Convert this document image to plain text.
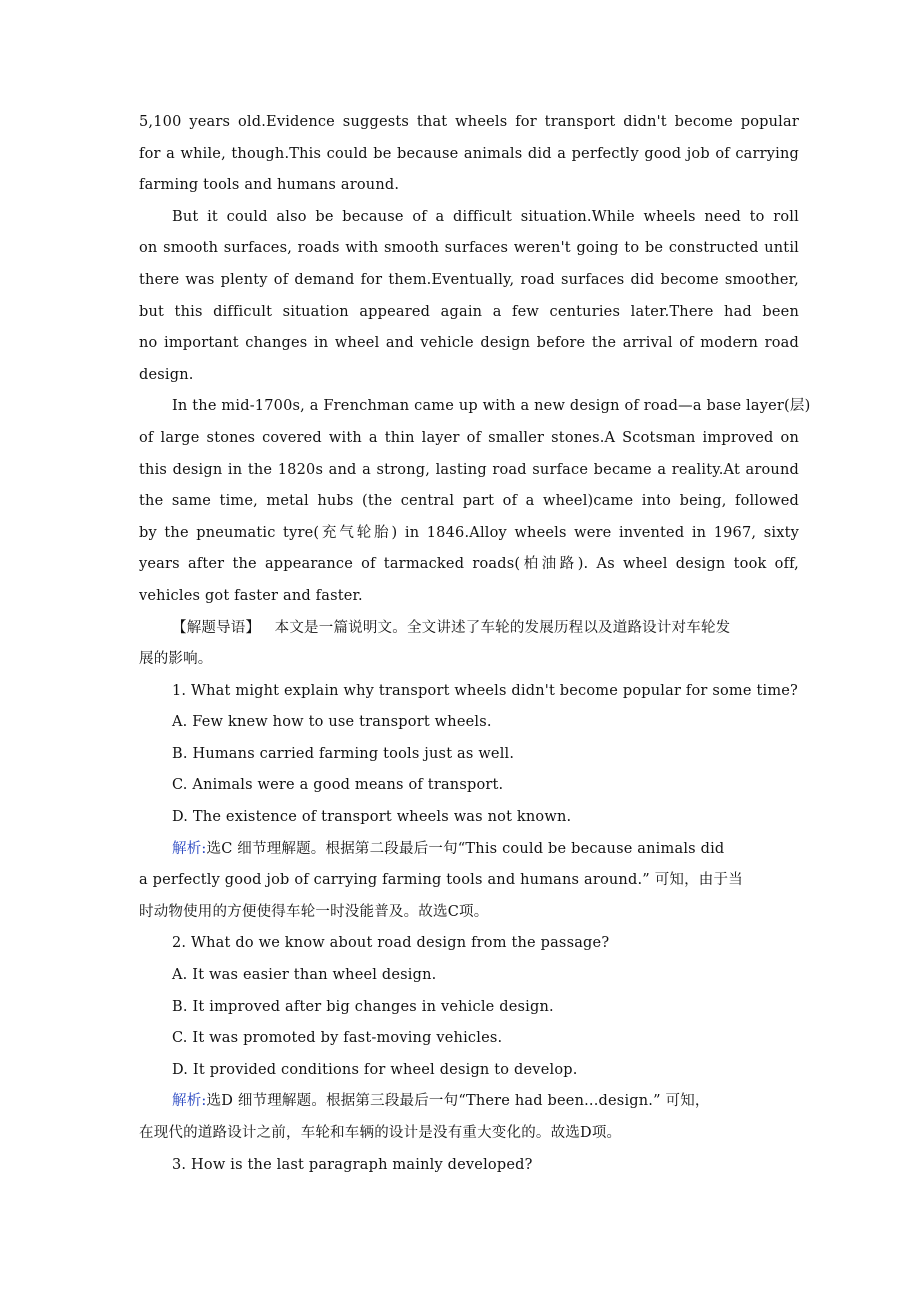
5,100 years old.Evidence suggests that wheels for transport didn't become popular
for a while, though.This could be because animals did a perfectly good job of carrying
farming tools and humans around.
But it could also be because of a difficult situation.While wheels need to roll
on smooth surfaces, roads with smooth surfaces weren't going to be constructed until
there was plenty of demand for them.Eventually, road surfaces did become smoother,
but this difficult situation appeared again a few centuries later.There had been
no important changes in wheel and vehicle design before the arrival of modern road
design.
In the mid-1700s, a Frenchman came up with a new design of road—a base layer(层)
of large stones covered with a thin layer of smaller stones.A Scotsman improved on
this design in the 1820s and a strong, lasting road surface became a reality.At around
the same time, metal hubs (the central part of a wheel)came into being, followed
by the pneumatic tyre(充气轮胎) in 1846.Alloy wheels were invented in 1967, sixty
years after the appearance of tarmacked roads(柏油路). As wheel design took off,
vehicles got faster and faster.
【解题导语】 本文是一篇说明文。全文讲述了车轮的发展历程以及道路设计对车轮发
展的影响。
1. What might explain why transport wheels didn't become popular for some time?
A. Few knew how to use transport wheels.
B. Humans carried farming tools just as well.
C. Animals were a good means of transport.
D. The existence of transport wheels was not known.
解析:选C 细节理解题。根据第二段最后一句“This could be because animals did
a perfectly good job of carrying farming tools and humans around.” 可知，由于当
时动物使用的方便使得车轮一时没能普及。故选C项。
2. What do we know about road design from the passage?
A. It was easier than wheel design.
B. It improved after big changes in vehicle design.
C. It was promoted by fast-moving vehicles.
D. It provided conditions for wheel design to develop.
解析:选D 细节理解题。根据第三段最后一句“There had been...design.” 可知，
在现代的道路设计之前，车轮和车辆的设计是没有重大变化的。故选D项。
3. How is the last paragraph mainly developed?
